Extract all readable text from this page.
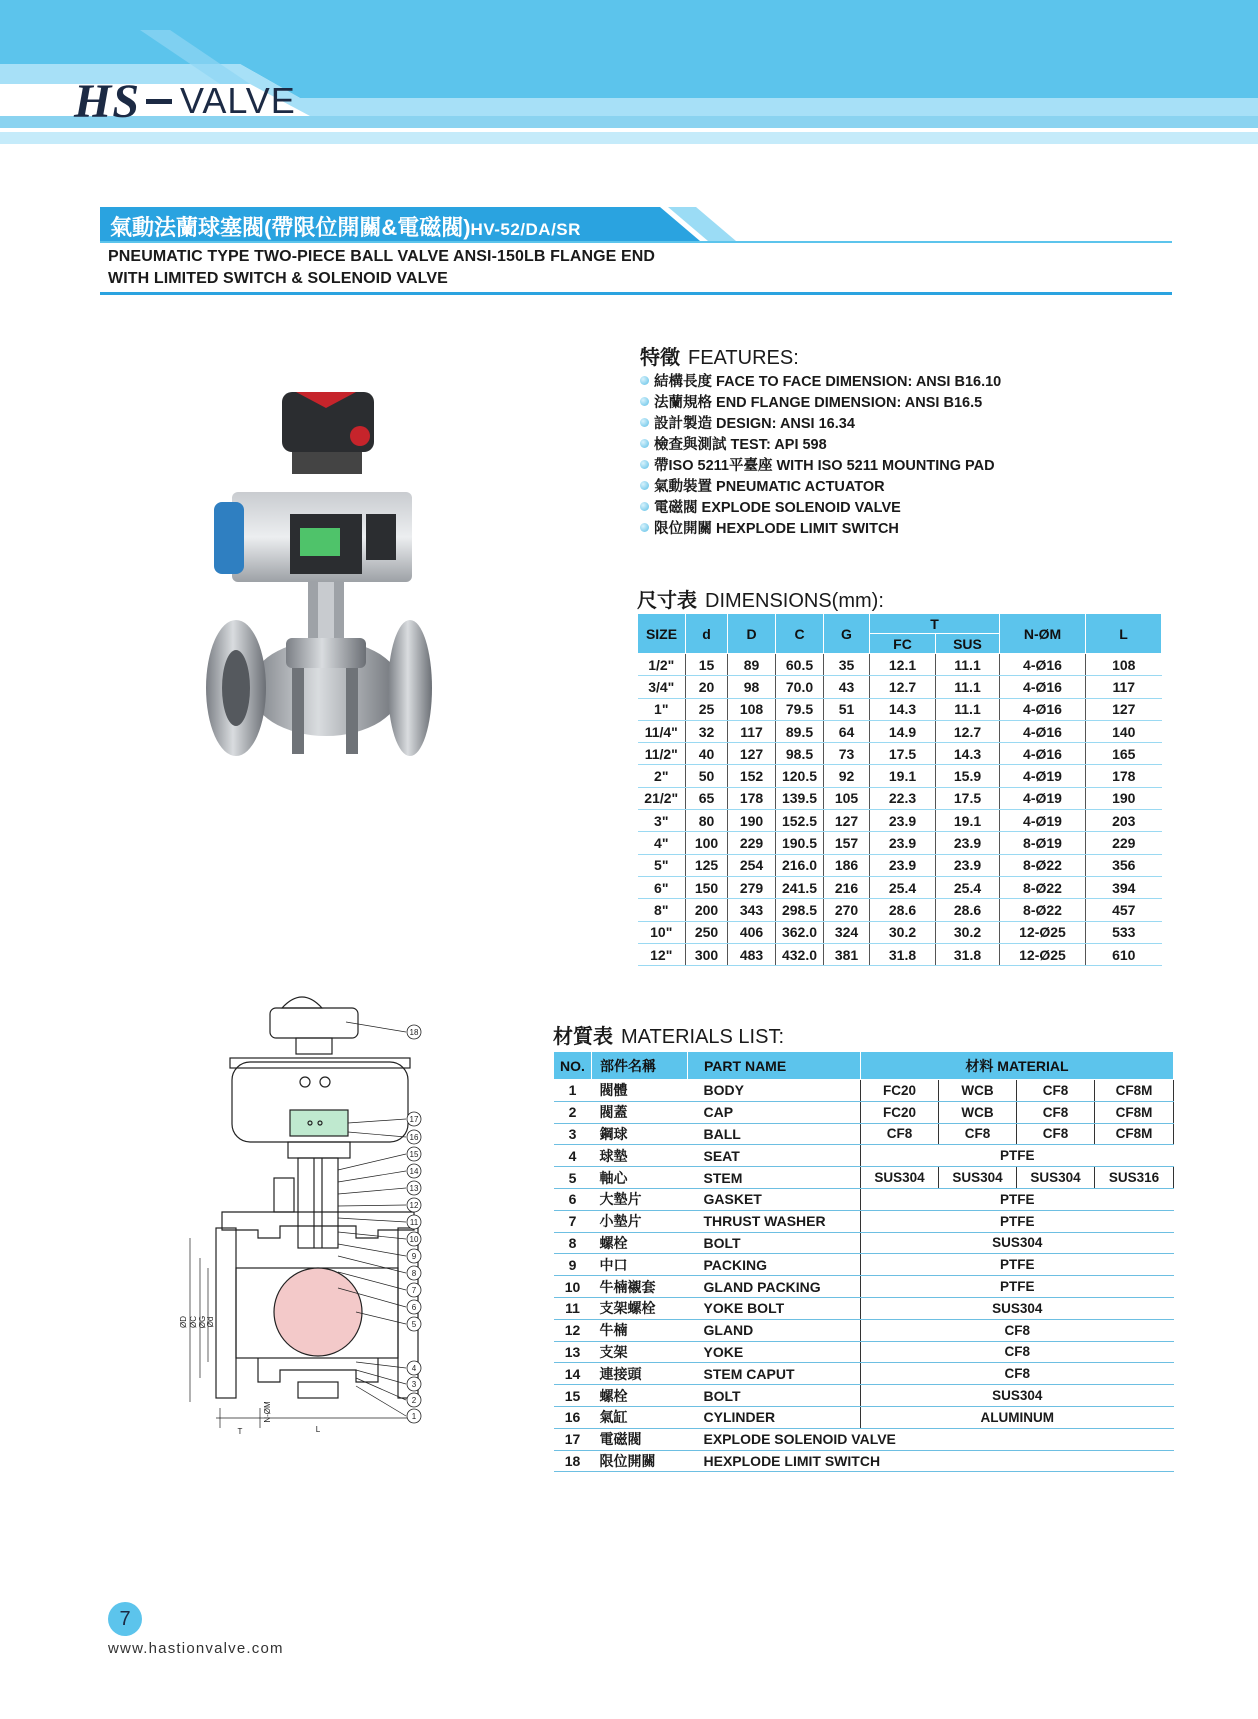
HS VALVE
氣動法蘭球塞閥(帶限位開關&電磁閥)HV-52/DA/SR
PNEUMATIC TYPE TWO-PIECE BALL VALVE ANSI-150LB FLANGE END
WITH LIMITED SWITCH & SOLENOID VALVE
特徵 FEATURES:
結構長度 FACE TO FACE DIMENSION: ANSI B16.10
法蘭規格 END FLANGE DIMENSION: ANSI B16.5
設計製造 DESIGN: ANSI 16.34
檢查與測試 TEST: API 598
帶ISO 5211平臺座 WITH ISO 5211 MOUNTING PAD
氣動裝置 PNEUMATIC ACTUATOR
電磁閥 EXPLODE SOLENOID VALVE
限位開關 HEXPLODE LIMIT SWITCH
尺寸表 DIMENSIONS(mm):
SIZE	d	D	C	G	T		N-ØM	L
					FC	SUS		
1/2"	15	89	60.5	35	12.1	11.1	4-Ø16	108
3/4"	20	98	70.0	43	12.7	11.1	4-Ø16	117
1"	25	108	79.5	51	14.3	11.1	4-Ø16	127
11/4"	32	117	89.5	64	14.9	12.7	4-Ø16	140
11/2"	40	127	98.5	73	17.5	14.3	4-Ø16	165
2"	50	152	120.5	92	19.1	15.9	4-Ø19	178
21/2"	65	178	139.5	105	22.3	17.5	4-Ø19	190
3"	80	190	152.5	127	23.9	19.1	4-Ø19	203
4"	100	229	190.5	157	23.9	23.9	8-Ø19	229
5"	125	254	216.0	186	23.9	23.9	8-Ø22	356
6"	150	279	241.5	216	25.4	25.4	8-Ø22	394
8"	200	343	298.5	270	28.6	28.6	8-Ø22	457
10"	250	406	362.0	324	30.2	30.2	12-Ø25	533
12"	300	483	432.0	381	31.8	31.8	12-Ø25	610
18
17
16
15
14
13
12
11
10
9
8
7
6
5
4
3
2
1
ØD ØC ØG Ød
T
N-ØM
L
材質表 MATERIALS LIST:
NO.	部件名稱	PART NAME	材料 MATERIAL			
1	閥體	BODY	FC20	WCB	CF8	CF8M
2	閥蓋	CAP	FC20	WCB	CF8	CF8M
3	鋼球	BALL	CF8	CF8	CF8	CF8M
4	球墊	SEAT	PTFE			
5	軸心	STEM	SUS304	SUS304	SUS304	SUS316
6	大墊片	GASKET	PTFE			
7	小墊片	THRUST WASHER	PTFE			
8	螺栓	BOLT	SUS304			
9	中口	PACKING	PTFE			
10	牛楠襯套	GLAND PACKING	PTFE			
11	支架螺栓	YOKE BOLT	SUS304			
12	牛楠	GLAND	CF8			
13	支架	YOKE	CF8			
14	連接頭	STEM CAPUT	CF8			
15	螺栓	BOLT	SUS304			
16	氣缸	CYLINDER	ALUMINUM			
17	電磁閥	EXPLODE SOLENOID VALVE				
18	限位開關	HEXPLODE LIMIT SWITCH				
7
www.hastionvalve.com
